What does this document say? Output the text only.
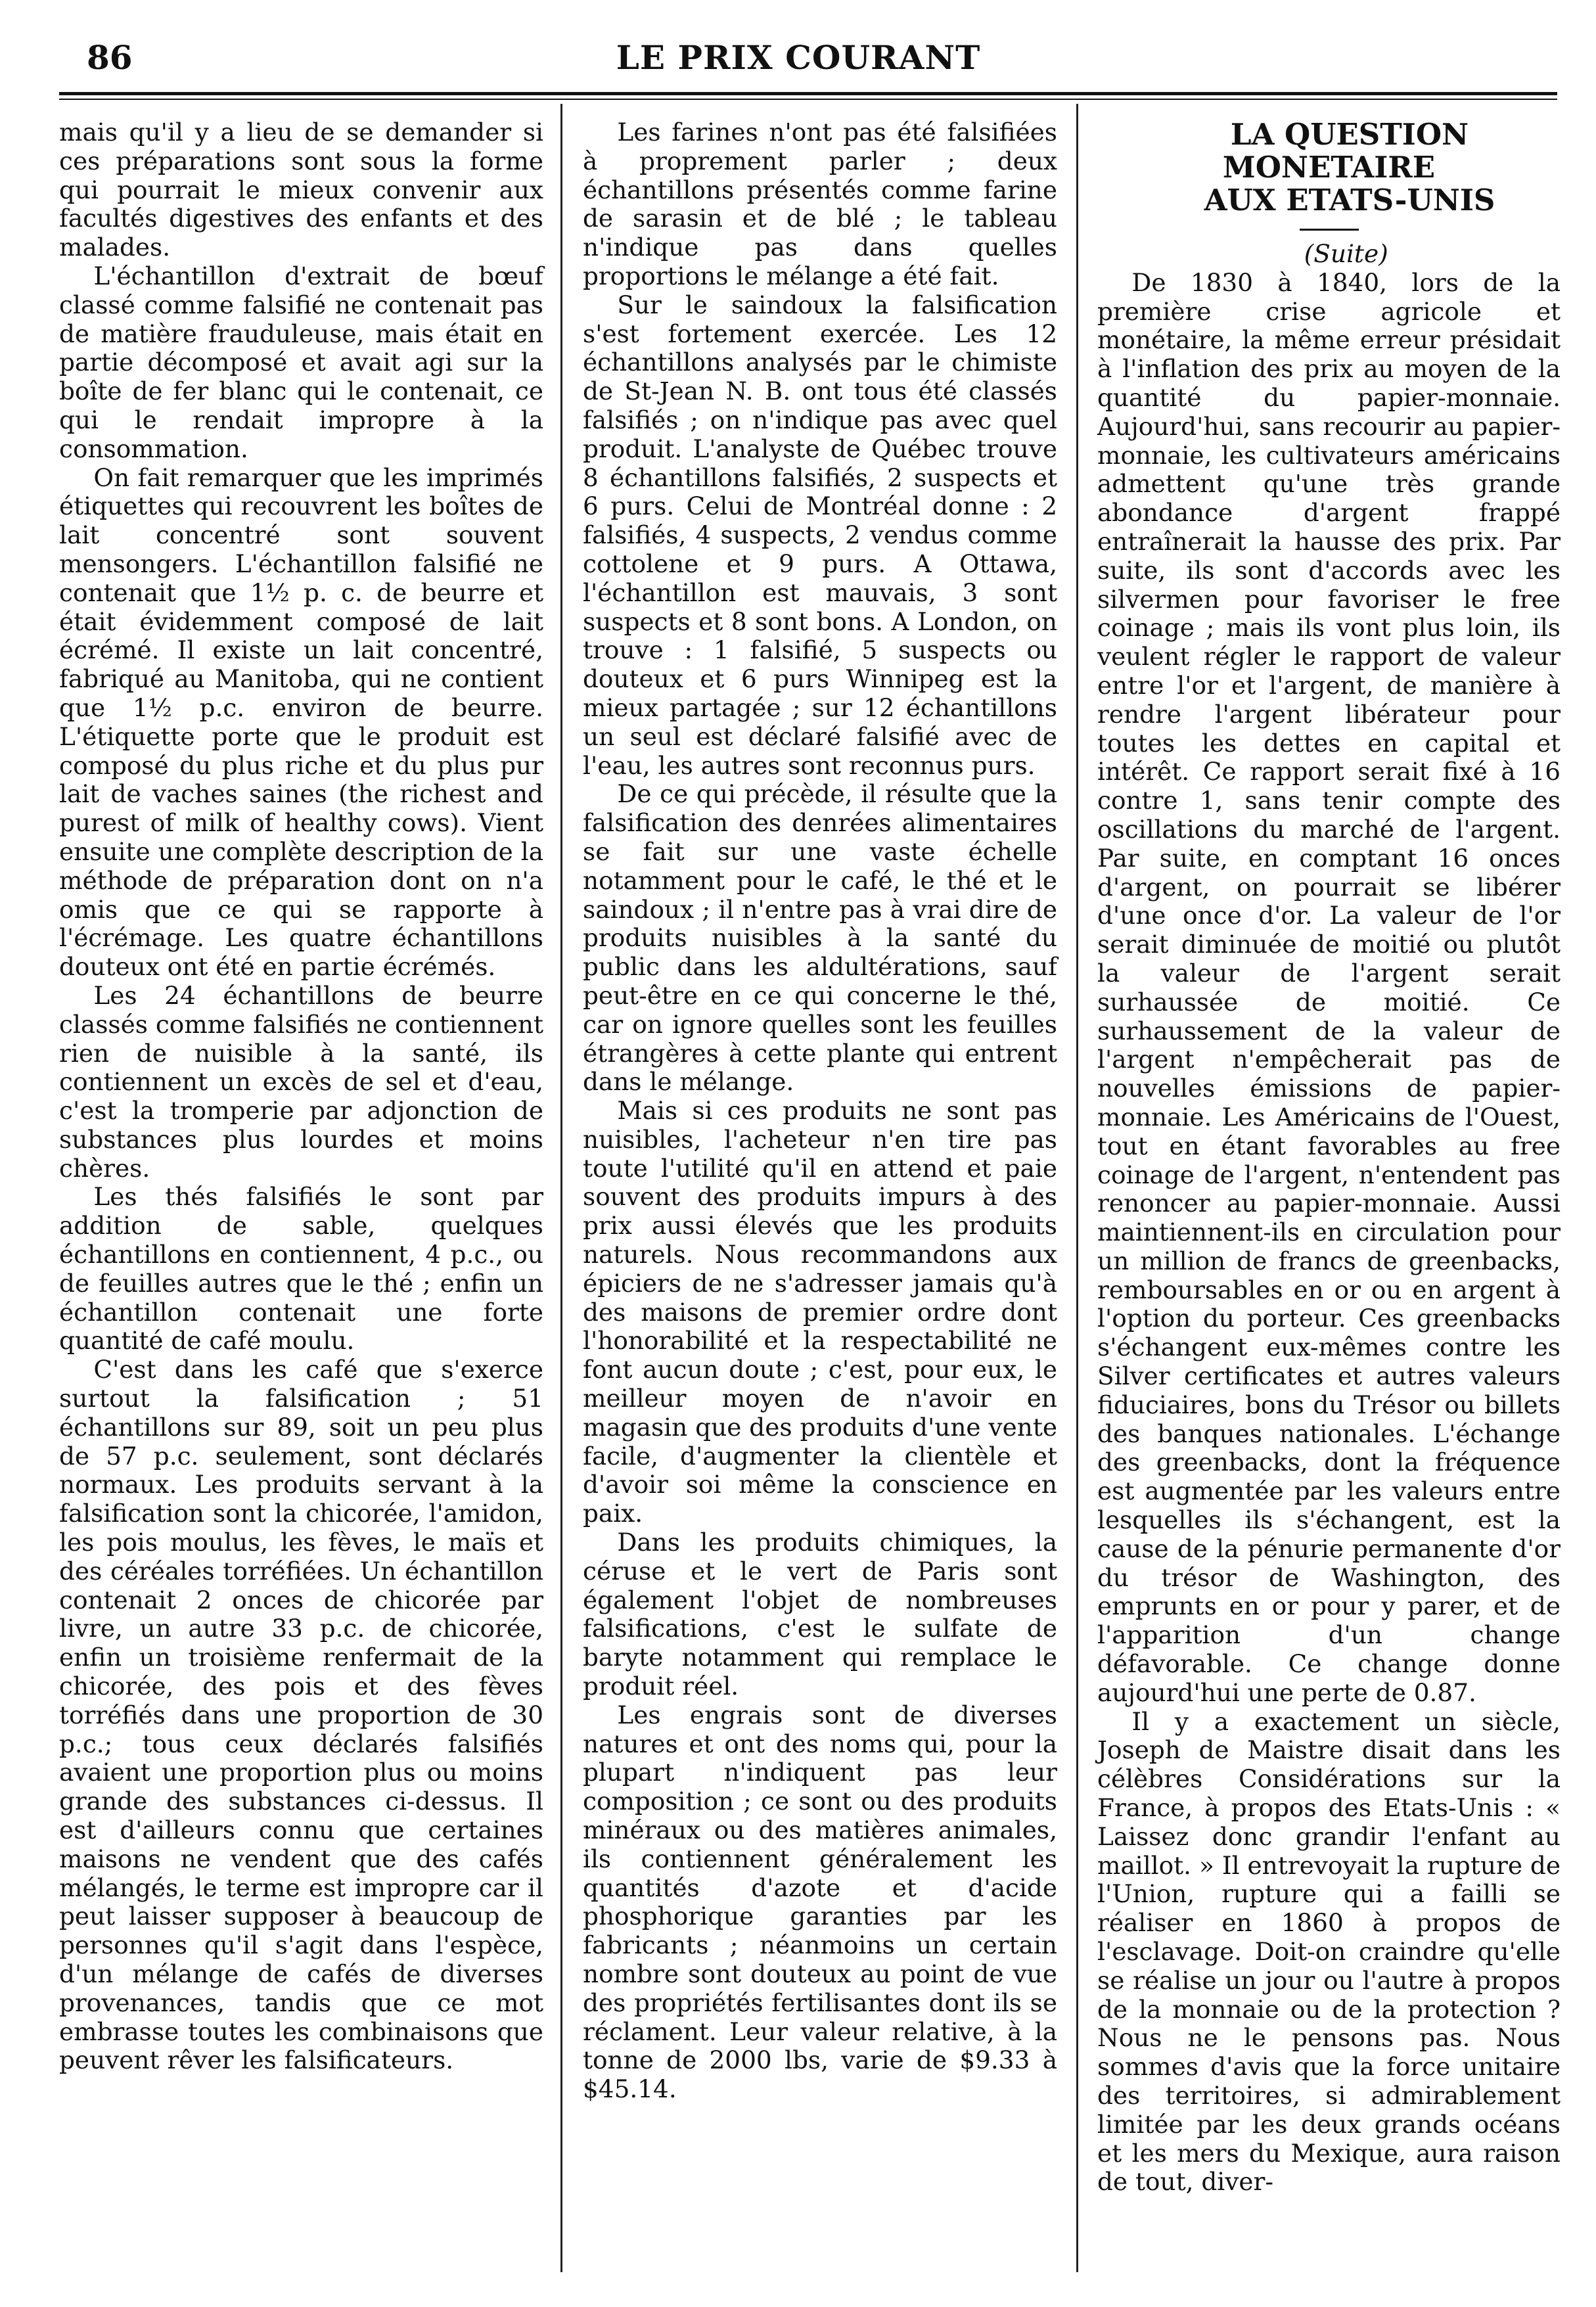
86	LE PRIX COURANT

mais qu'il y a lieu de se demander si ces préparations sont sous la forme qui pourrait le mieux convenir aux facultés digestives des enfants et des malades.

L'échantillon d'extrait de bœuf classé comme falsifié ne contenait pas de matière frauduleuse, mais était en partie décomposé et avait agi sur la boîte de fer blanc qui le contenait, ce qui le rendait impropre à la consommation.

On fait remarquer que les imprimés étiquettes qui recouvrent les boîtes de lait concentré sont souvent mensongers. L'échantillon falsifié ne contenait que 1½ p. c. de beurre et était évidemment composé de lait écrémé. Il existe un lait concentré, fabriqué au Manitoba, qui ne contient que 1½ p.c. environ de beurre. L'étiquette porte que le produit est composé du plus riche et du plus pur lait de vaches saines (the richest and purest of milk of healthy cows). Vient ensuite une complète description de la méthode de préparation dont on n'a omis que ce qui se rapporte à l'écrémage. Les quatre échantillons douteux ont été en partie écrémés.

Les 24 échantillons de beurre classés comme falsifiés ne contiennent rien de nuisible à la santé, ils contiennent un excès de sel et d'eau, c'est la tromperie par adjonction de substances plus lourdes et moins chères.

Les thés falsifiés le sont par addition de sable, quelques échantillons en contiennent, 4 p.c., ou de feuilles autres que le thé ; enfin un échantillon contenait une forte quantité de café moulu.

C'est dans les café que s'exerce surtout la falsification ; 51 échantillons sur 89, soit un peu plus de 57 p.c. seulement, sont déclarés normaux. Les produits servant à la falsification sont la chicorée, l'amidon, les pois moulus, les fèves, le maïs et des céréales torréfiées. Un échantillon contenait 2 onces de chicorée par livre, un autre 33 p.c. de chicorée, enfin un troisième renfermait de la chicorée, des pois et des fèves torréfiés dans une proportion de 30 p.c.; tous ceux déclarés falsifiés avaient une proportion plus ou moins grande des substances ci-dessus. Il est d'ailleurs connu que certaines maisons ne vendent que des cafés mélangés, le terme est impropre car il peut laisser supposer à beaucoup de personnes qu'il s'agit dans l'espèce, d'un mélange de cafés de diverses provenances, tandis que ce mot embrasse toutes les combinaisons que peuvent rêver les falsificateurs.

Les farines n'ont pas été falsifiées à proprement parler ; deux échantillons présentés comme farine de sarasin et de blé ; le tableau n'indique pas dans quelles proportions le mélange a été fait.

Sur le saindoux la falsification s'est fortement exercée. Les 12 échantillons analysés par le chimiste de St-Jean N. B. ont tous été classés falsifiés ; on n'indique pas avec quel produit. L'analyste de Québec trouve 8 échantillons falsifiés, 2 suspects et 6 purs. Celui de Montréal donne : 2 falsifiés, 4 suspects, 2 vendus comme cottolene et 9 purs. A Ottawa, l'échantillon est mauvais, 3 sont suspects et 8 sont bons. A London, on trouve : 1 falsifié, 5 suspects ou douteux et 6 purs Winnipeg est la mieux partagée ; sur 12 échantillons un seul est déclaré falsifié avec de l'eau, les autres sont reconnus purs.

De ce qui précède, il résulte que la falsification des denrées alimentaires se fait sur une vaste échelle notamment pour le café, le thé et le saindoux ; il n'entre pas à vrai dire de produits nuisibles à la santé du public dans les aldultérations, sauf peut-être en ce qui concerne le thé, car on ignore quelles sont les feuilles étrangères à cette plante qui entrent dans le mélange.

Mais si ces produits ne sont pas nuisibles, l'acheteur n'en tire pas toute l'utilité qu'il en attend et paie souvent des produits impurs à des prix aussi élevés que les produits naturels. Nous recommandons aux épiciers de ne s'adresser jamais qu'à des maisons de premier ordre dont l'honorabilité et la respectabilité ne font aucun doute ; c'est, pour eux, le meilleur moyen de n'avoir en magasin que des produits d'une vente facile, d'augmenter la clientèle et d'avoir soi même la conscience en paix.

Dans les produits chimiques, la céruse et le vert de Paris sont également l'objet de nombreuses falsifications, c'est le sulfate de baryte notamment qui remplace le produit réel.

Les engrais sont de diverses natures et ont des noms qui, pour la plupart n'indiquent pas leur composition ; ce sont ou des produits minéraux ou des matières animales, ils contiennent généralement les quantités d'azote et d'acide phosphorique garanties par les fabricants ; néanmoins un certain nombre sont douteux au point de vue des propriétés fertilisantes dont ils se réclament. Leur valeur relative, à la tonne de 2000 lbs, varie de $9.33 à $45.14.

LA QUESTION MONETAIRE

AUX ETATS-UNIS

(Suite)

De 1830 à 1840, lors de la première crise agricole et monétaire, la même erreur présidait à l'inflation des prix au moyen de la quantité du papier-monnaie. Aujourd'hui, sans recourir au papier-monnaie, les cultivateurs américains admettent qu'une très grande abondance d'argent frappé entraînerait la hausse des prix. Par suite, ils sont d'accords avec les silvermen pour favoriser le free coinage ; mais ils vont plus loin, ils veulent régler le rapport de valeur entre l'or et l'argent, de manière à rendre l'argent libérateur pour toutes les dettes en capital et intérêt. Ce rapport serait fixé à 16 contre 1, sans tenir compte des oscillations du marché de l'argent. Par suite, en comptant 16 onces d'argent, on pourrait se libérer d'une once d'or. La valeur de l'or serait diminuée de moitié ou plutôt la valeur de l'argent serait surhaussée de moitié. Ce surhaussement de la valeur de l'argent n'empêcherait pas de nouvelles émissions de papier-monnaie. Les Américains de l'Ouest, tout en étant favorables au free coinage de l'argent, n'entendent pas renoncer au papier-monnaie. Aussi maintiennent-ils en circulation pour un million de francs de greenbacks, remboursables en or ou en argent à l'option du porteur. Ces greenbacks s'échangent eux-mêmes contre les Silver certificates et autres valeurs fiduciaires, bons du Trésor ou billets des banques nationales. L'échange des greenbacks, dont la fréquence est augmentée par les valeurs entre lesquelles ils s'échangent, est la cause de la pénurie permanente d'or du trésor de Washington, des emprunts en or pour y parer, et de l'apparition d'un change défavorable. Ce change donne aujourd'hui une perte de 0.87.

Il y a exactement un siècle, Joseph de Maistre disait dans les célèbres Considérations sur la France, à propos des Etats-Unis : « Laissez donc grandir l'enfant au maillot. » Il entrevoyait la rupture de l'Union, rupture qui a failli se réaliser en 1860 à propos de l'esclavage. Doit-on craindre qu'elle se réalise un jour ou l'autre à propos de la monnaie ou de la protection ? Nous ne le pensons pas. Nous sommes d'avis que la force unitaire des territoires, si admirablement limitée par les deux grands océans et les mers du Mexique, aura raison de tout, diver-
